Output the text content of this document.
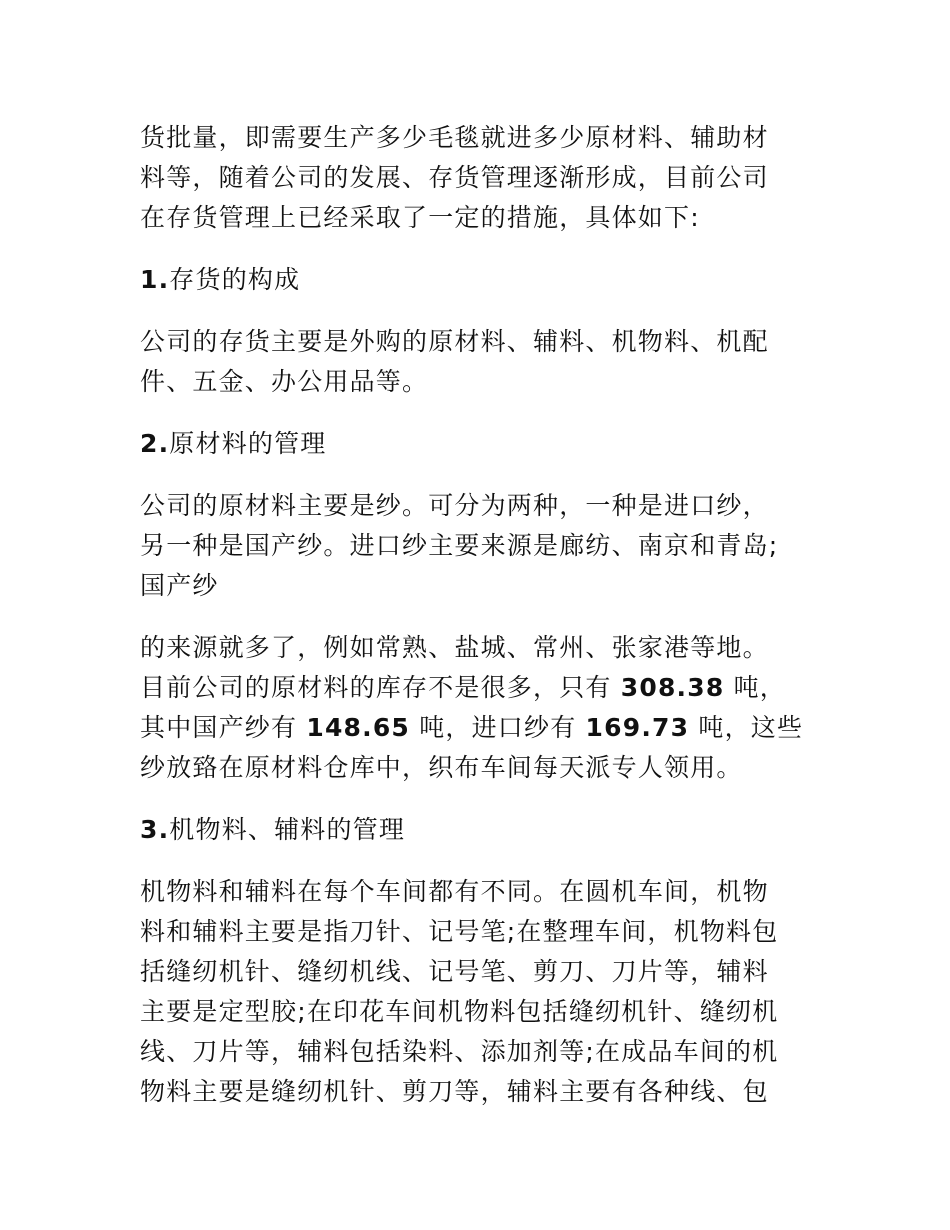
货批量，即需要生产多少毛毯就进多少原材料、辅助材
料等，随着公司的发展、存货管理逐渐形成，目前公司
在存货管理上已经采取了一定的措施，具体如下:

1.存货的构成

公司的存货主要是外购的原材料、辅料、机物料、机配
件、五金、办公用品等。

2.原材料的管理

公司的原材料主要是纱。可分为两种，一种是进口纱，
另一种是国产纱。进口纱主要来源是廊纺、南京和青岛;
国产纱

的来源就多了，例如常熟、盐城、常州、张家港等地。
目前公司的原材料的库存不是很多，只有 308.38 吨，
其中国产纱有 148.65 吨，进口纱有 169.73 吨，这些
纱放臵在原材料仓库中，织布车间每天派专人领用。

3.机物料、辅料的管理

机物料和辅料在每个车间都有不同。在圆机车间，机物
料和辅料主要是指刀针、记号笔;在整理车间，机物料包
括缝纫机针、缝纫机线、记号笔、剪刀、刀片等，辅料
主要是定型胶;在印花车间机物料包括缝纫机针、缝纫机
线、刀片等，辅料包括染料、添加剂等;在成品车间的机
物料主要是缝纫机针、剪刀等，辅料主要有各种线、包
